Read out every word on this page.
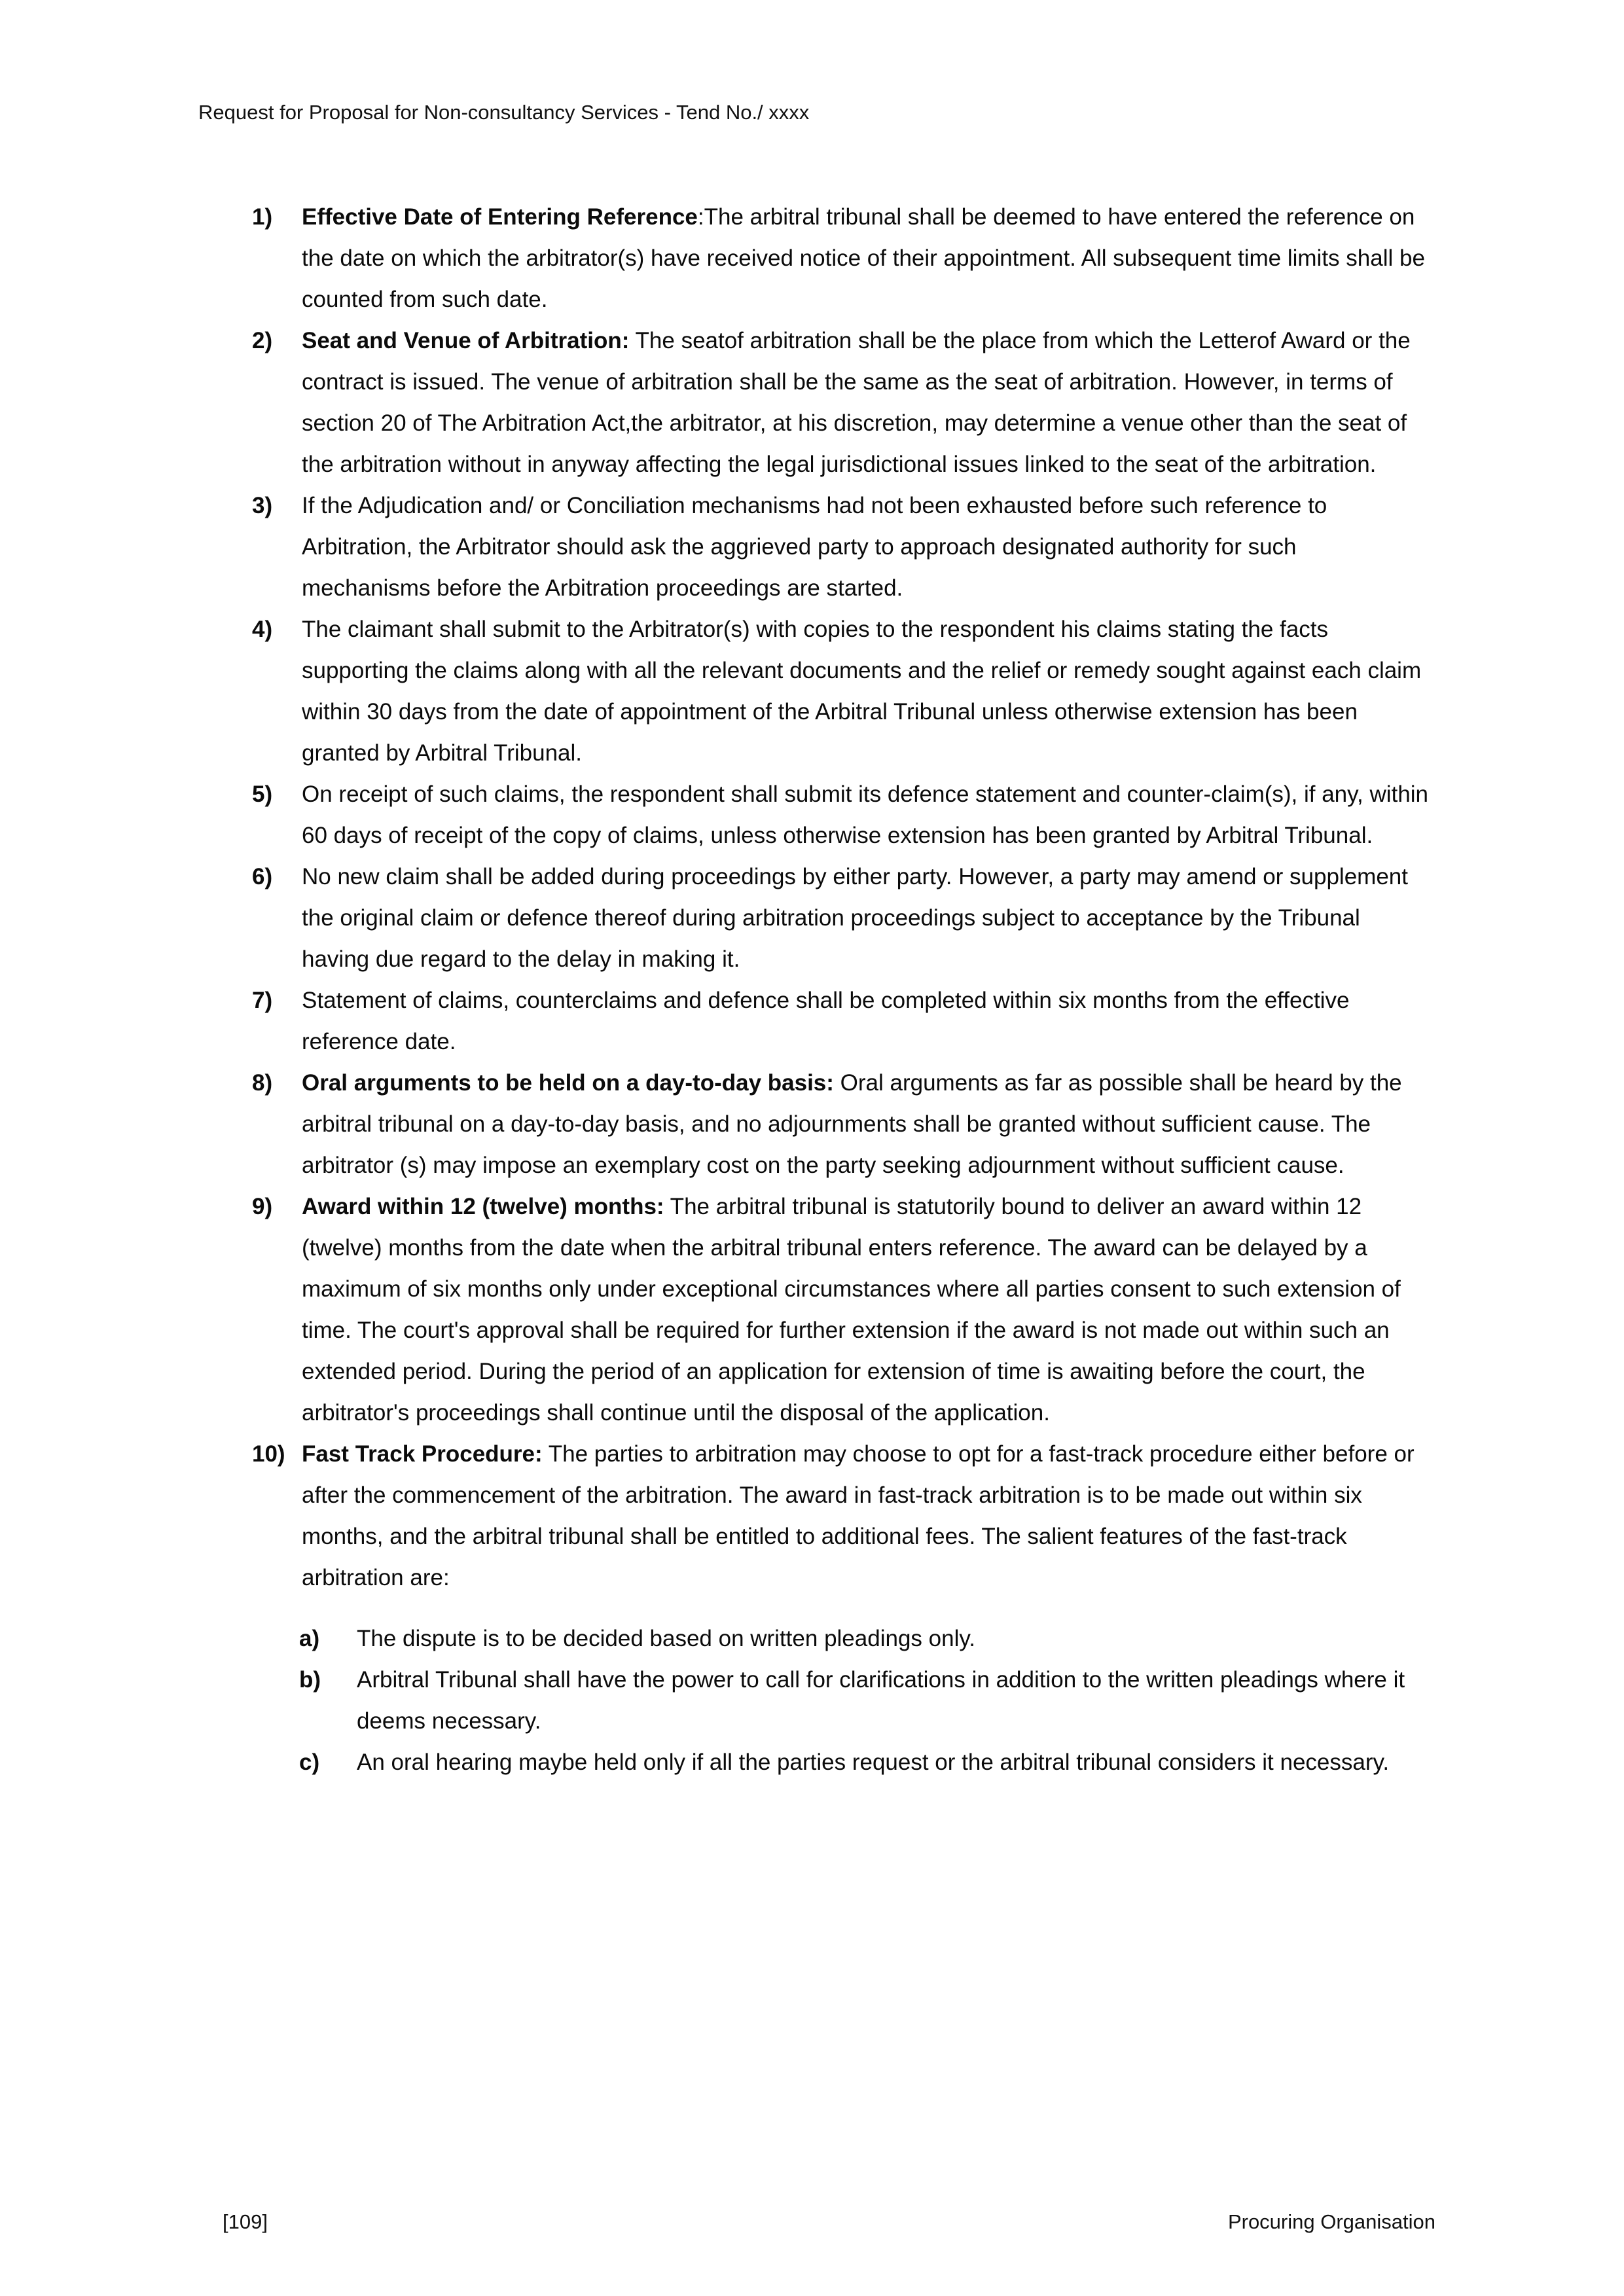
Request for Proposal for Non-consultancy Services - Tend No./ xxxx
1) Effective Date of Entering Reference:The arbitral tribunal shall be deemed to have entered the reference on the date on which the arbitrator(s) have received notice of their appointment. All subsequent time limits shall be counted from such date.
2) Seat and Venue of Arbitration: The seatof arbitration shall be the place from which the Letterof Award or the contract is issued. The venue of arbitration shall be the same as the seat of arbitration. However, in terms of section 20 of The Arbitration Act,the arbitrator, at his discretion, may determine a venue other than the seat of the arbitration without in anyway affecting the legal jurisdictional issues linked to the seat of the arbitration.
3) If the Adjudication and/ or Conciliation mechanisms had not been exhausted before such reference to Arbitration, the Arbitrator should ask the aggrieved party to approach designated authority for such mechanisms before the Arbitration proceedings are started.
4) The claimant shall submit to the Arbitrator(s) with copies to the respondent his claims stating the facts supporting the claims along with all the relevant documents and the relief or remedy sought against each claim within 30 days from the date of appointment of the Arbitral Tribunal unless otherwise extension has been granted by Arbitral Tribunal.
5) On receipt of such claims, the respondent shall submit its defence statement and counter-claim(s), if any, within 60 days of receipt of the copy of claims, unless otherwise extension has been granted by Arbitral Tribunal.
6) No new claim shall be added during proceedings by either party. However, a party may amend or supplement the original claim or defence thereof during arbitration proceedings subject to acceptance by the Tribunal having due regard to the delay in making it.
7) Statement of claims, counterclaims and defence shall be completed within six months from the effective reference date.
8) Oral arguments to be held on a day-to-day basis: Oral arguments as far as possible shall be heard by the arbitral tribunal on a day-to-day basis, and no adjournments shall be granted without sufficient cause. The arbitrator (s) may impose an exemplary cost on the party seeking adjournment without sufficient cause.
9) Award within 12 (twelve) months: The arbitral tribunal is statutorily bound to deliver an award within 12 (twelve) months from the date when the arbitral tribunal enters reference. The award can be delayed by a maximum of six months only under exceptional circumstances where all parties consent to such extension of time. The court's approval shall be required for further extension if the award is not made out within such an extended period. During the period of an application for extension of time is awaiting before the court, the arbitrator's proceedings shall continue until the disposal of the application.
10) Fast Track Procedure: The parties to arbitration may choose to opt for a fast-track procedure either before or after the commencement of the arbitration. The award in fast-track arbitration is to be made out within six months, and the arbitral tribunal shall be entitled to additional fees. The salient features of the fast-track arbitration are:
a) The dispute is to be decided based on written pleadings only.
b) Arbitral Tribunal shall have the power to call for clarifications in addition to the written pleadings where it deems necessary.
c) An oral hearing maybe held only if all the parties request or the arbitral tribunal considers it necessary.
[109]	Procuring Organisation
